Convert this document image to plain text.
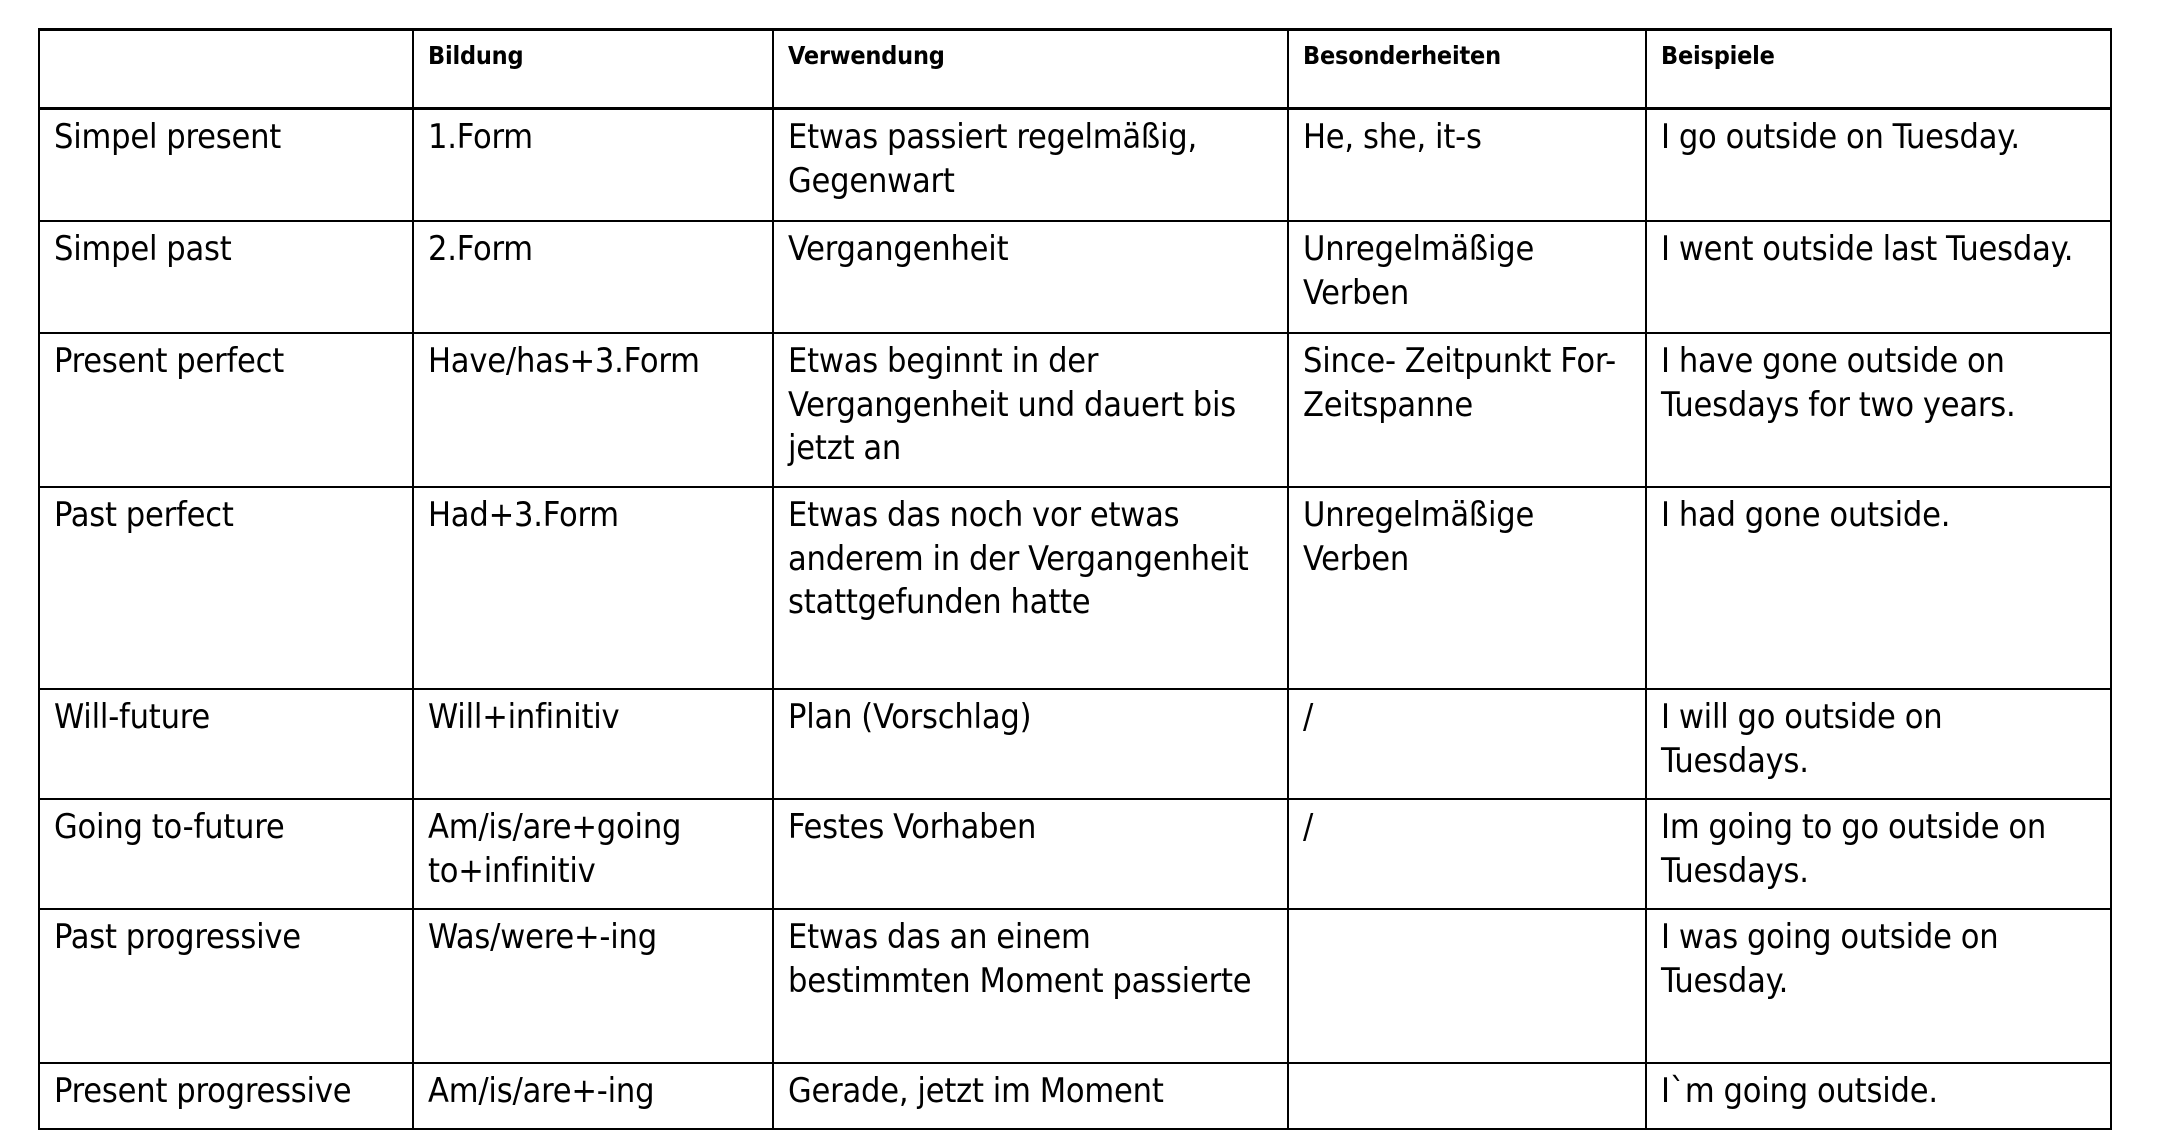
	Bildung	Verwendung	Besonderheiten	Beispiele
Simpel present	1.Form	Etwas passiert regelmäßig, Gegenwart	He, she, it-s	I go outside on Tuesday.
Simpel past	2.Form	Vergangenheit	Unregelmäßige Verben	I went outside last Tuesday.
Present perfect	Have/has+3.Form	Etwas beginnt in der Vergangenheit und dauert bis jetzt an	Since- Zeitpunkt For- Zeitspanne	I have gone outside on Tuesdays for two years.
Past perfect	Had+3.Form	Etwas das noch vor etwas anderem in der Vergangenheit stattgefunden hatte	Unregelmäßige Verben	I had gone outside.
Will-future	Will+infinitiv	Plan (Vorschlag)	/	I will go outside on Tuesdays.
Going to-future	Am/is/are+going to+infinitiv	Festes Vorhaben	/	Im going to go outside on Tuesdays.
Past progressive	Was/were+-ing	Etwas das an einem bestimmten Moment passierte		I was going outside on Tuesday.
Present progressive	Am/is/are+-ing	Gerade, jetzt im Moment		I`m going outside.
